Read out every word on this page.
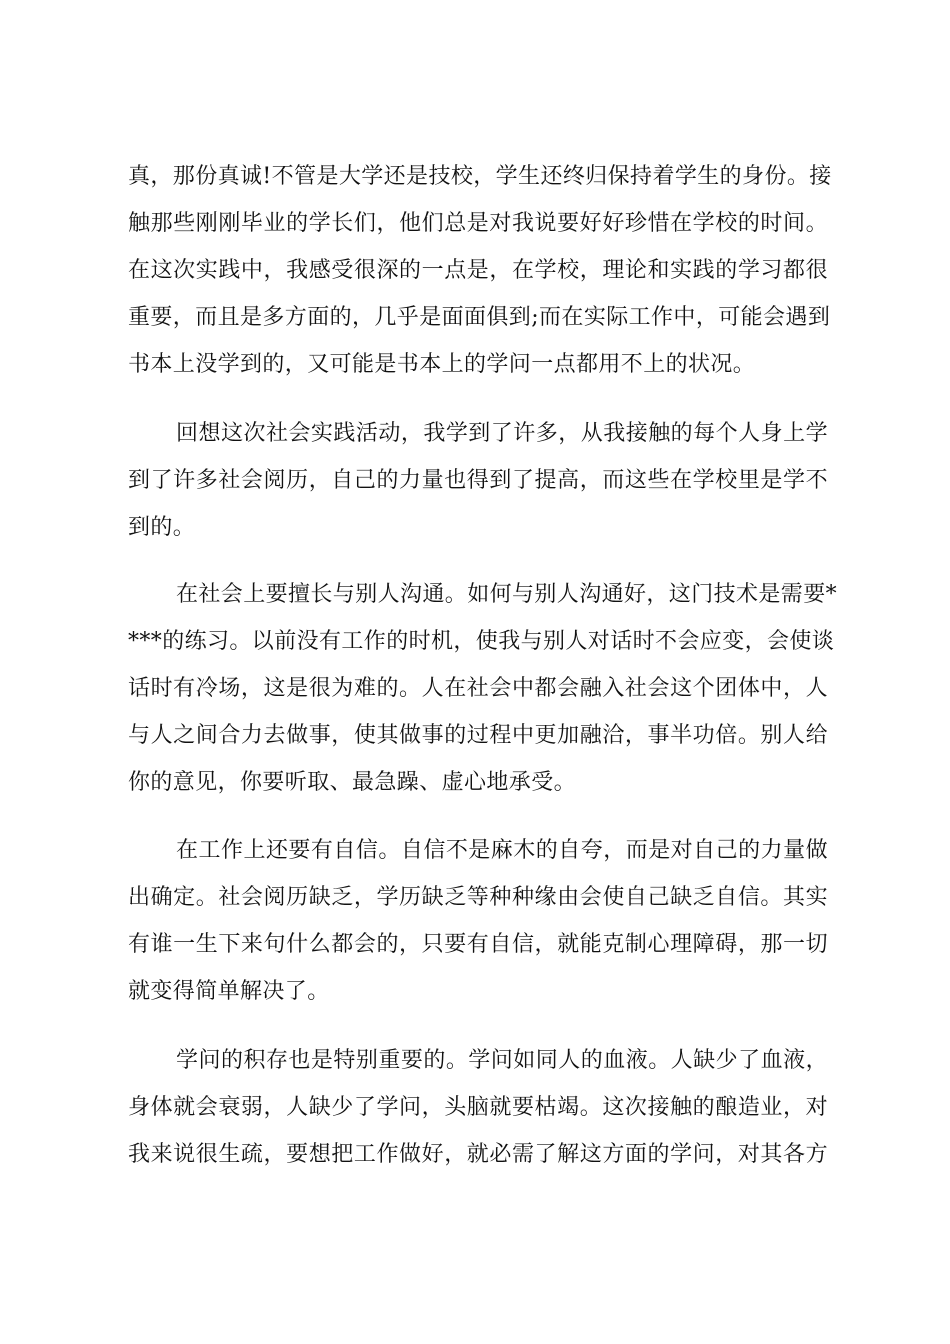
真，那份真诚!不管是大学还是技校，学生还终归保持着学生的身份。接
触那些刚刚毕业的学长们，他们总是对我说要好好珍惜在学校的时间。
在这次实践中，我感受很深的一点是，在学校，理论和实践的学习都很
重要，而且是多方面的，几乎是面面俱到;而在实际工作中，可能会遇到
书本上没学到的，又可能是书本上的学问一点都用不上的状况。
回想这次社会实践活动，我学到了许多，从我接触的每个人身上学
到了许多社会阅历，自己的力量也得到了提高，而这些在学校里是学不
到的。
在社会上要擅长与别人沟通。如何与别人沟通好，这门技术是需要*
***的练习。以前没有工作的时机，使我与别人对话时不会应变，会使谈
话时有冷场，这是很为难的。人在社会中都会融入社会这个团体中，人
与人之间合力去做事，使其做事的过程中更加融洽，事半功倍。别人给
你的意见，你要听取、最急躁、虚心地承受。
在工作上还要有自信。自信不是麻木的自夸，而是对自己的力量做
出确定。社会阅历缺乏，学历缺乏等种种缘由会使自己缺乏自信。其实
有谁一生下来句什么都会的，只要有自信，就能克制心理障碍，那一切
就变得简单解决了。
学问的积存也是特别重要的。学问如同人的血液。人缺少了血液，
身体就会衰弱，人缺少了学问，头脑就要枯竭。这次接触的酿造业，对
我来说很生疏，要想把工作做好，就必需了解这方面的学问，对其各方
